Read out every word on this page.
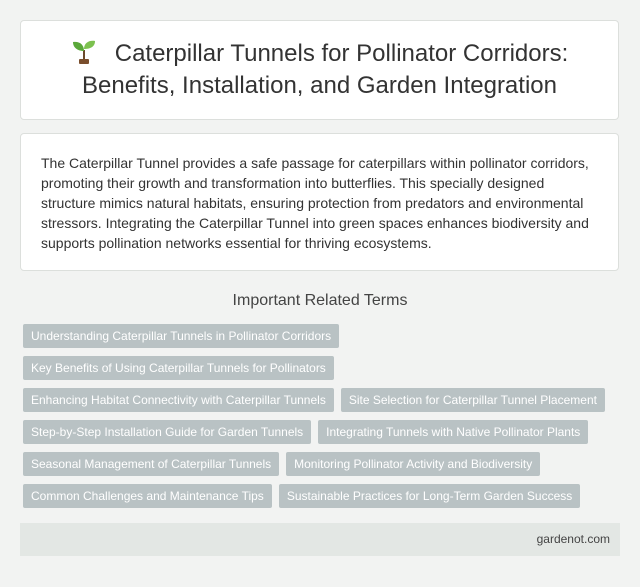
Caterpillar Tunnels for Pollinator Corridors: Benefits, Installation, and Garden Integration

The Caterpillar Tunnel provides a safe passage for caterpillars within pollinator corridors, promoting their growth and transformation into butterflies. This specially designed structure mimics natural habitats, ensuring protection from predators and environmental stressors. Integrating the Caterpillar Tunnel into green spaces enhances biodiversity and supports pollination networks essential for thriving ecosystems.

Important Related Terms
Understanding Caterpillar Tunnels in Pollinator Corridors
Key Benefits of Using Caterpillar Tunnels for Pollinators
Enhancing Habitat Connectivity with Caterpillar Tunnels	Site Selection for Caterpillar Tunnel Placement
Step-by-Step Installation Guide for Garden Tunnels	Integrating Tunnels with Native Pollinator Plants
Seasonal Management of Caterpillar Tunnels	Monitoring Pollinator Activity and Biodiversity
Common Challenges and Maintenance Tips	Sustainable Practices for Long-Term Garden Success
gardenot.com
